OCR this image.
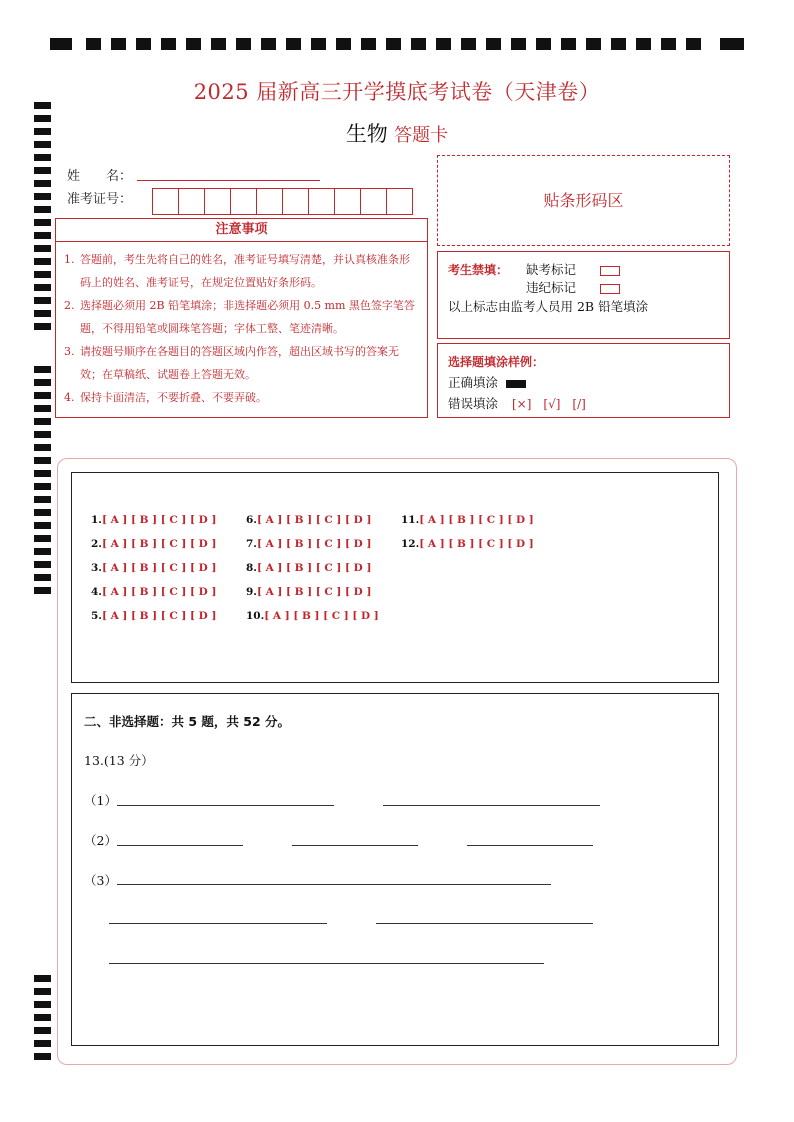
2025 届新高三开学摸底考试卷（天津卷）
生物 答题卡
姓　　名：
准考证号：
注意事项
1. 答题前，考生先将自己的姓名，准考证号填写清楚，并认真核准条形码上的姓名、准考证号，在规定位置贴好条形码。
2. 选择题必须用 2B 铅笔填涂；非选择题必须用 0.5 mm 黑色签字笔答题，不得用铅笔或圆珠笔答题；字体工整、笔迹清晰。
3. 请按题号顺序在各题目的答题区域内作答，超出区域书写的答案无效；在草稿纸、试题卷上答题无效。
4. 保持卡面清洁，不要折叠、不要弄破。
贴条形码区
考生禁填： 缺考标记
违纪标记
以上标志由监考人员用 2B 铅笔填涂
选择题填涂样例：
正确填涂
错误填涂 [×]　[√]　[/]
1.[ A ] [ B ] [ C ] [ D ]
2.[ A ] [ B ] [ C ] [ D ]
3.[ A ] [ B ] [ C ] [ D ]
4.[ A ] [ B ] [ C ] [ D ]
5.[ A ] [ B ] [ C ] [ D ]
6.[ A ] [ B ] [ C ] [ D ]
7.[ A ] [ B ] [ C ] [ D ]
8.[ A ] [ B ] [ C ] [ D ]
9.[ A ] [ B ] [ C ] [ D ]
10.[ A ] [ B ] [ C ] [ D ]
11.[ A ] [ B ] [ C ] [ D ]
12.[ A ] [ B ] [ C ] [ D ]
二、非选择题：共 5 题，共 52 分。
13.(13 分）
（1）
（2）
（3）
